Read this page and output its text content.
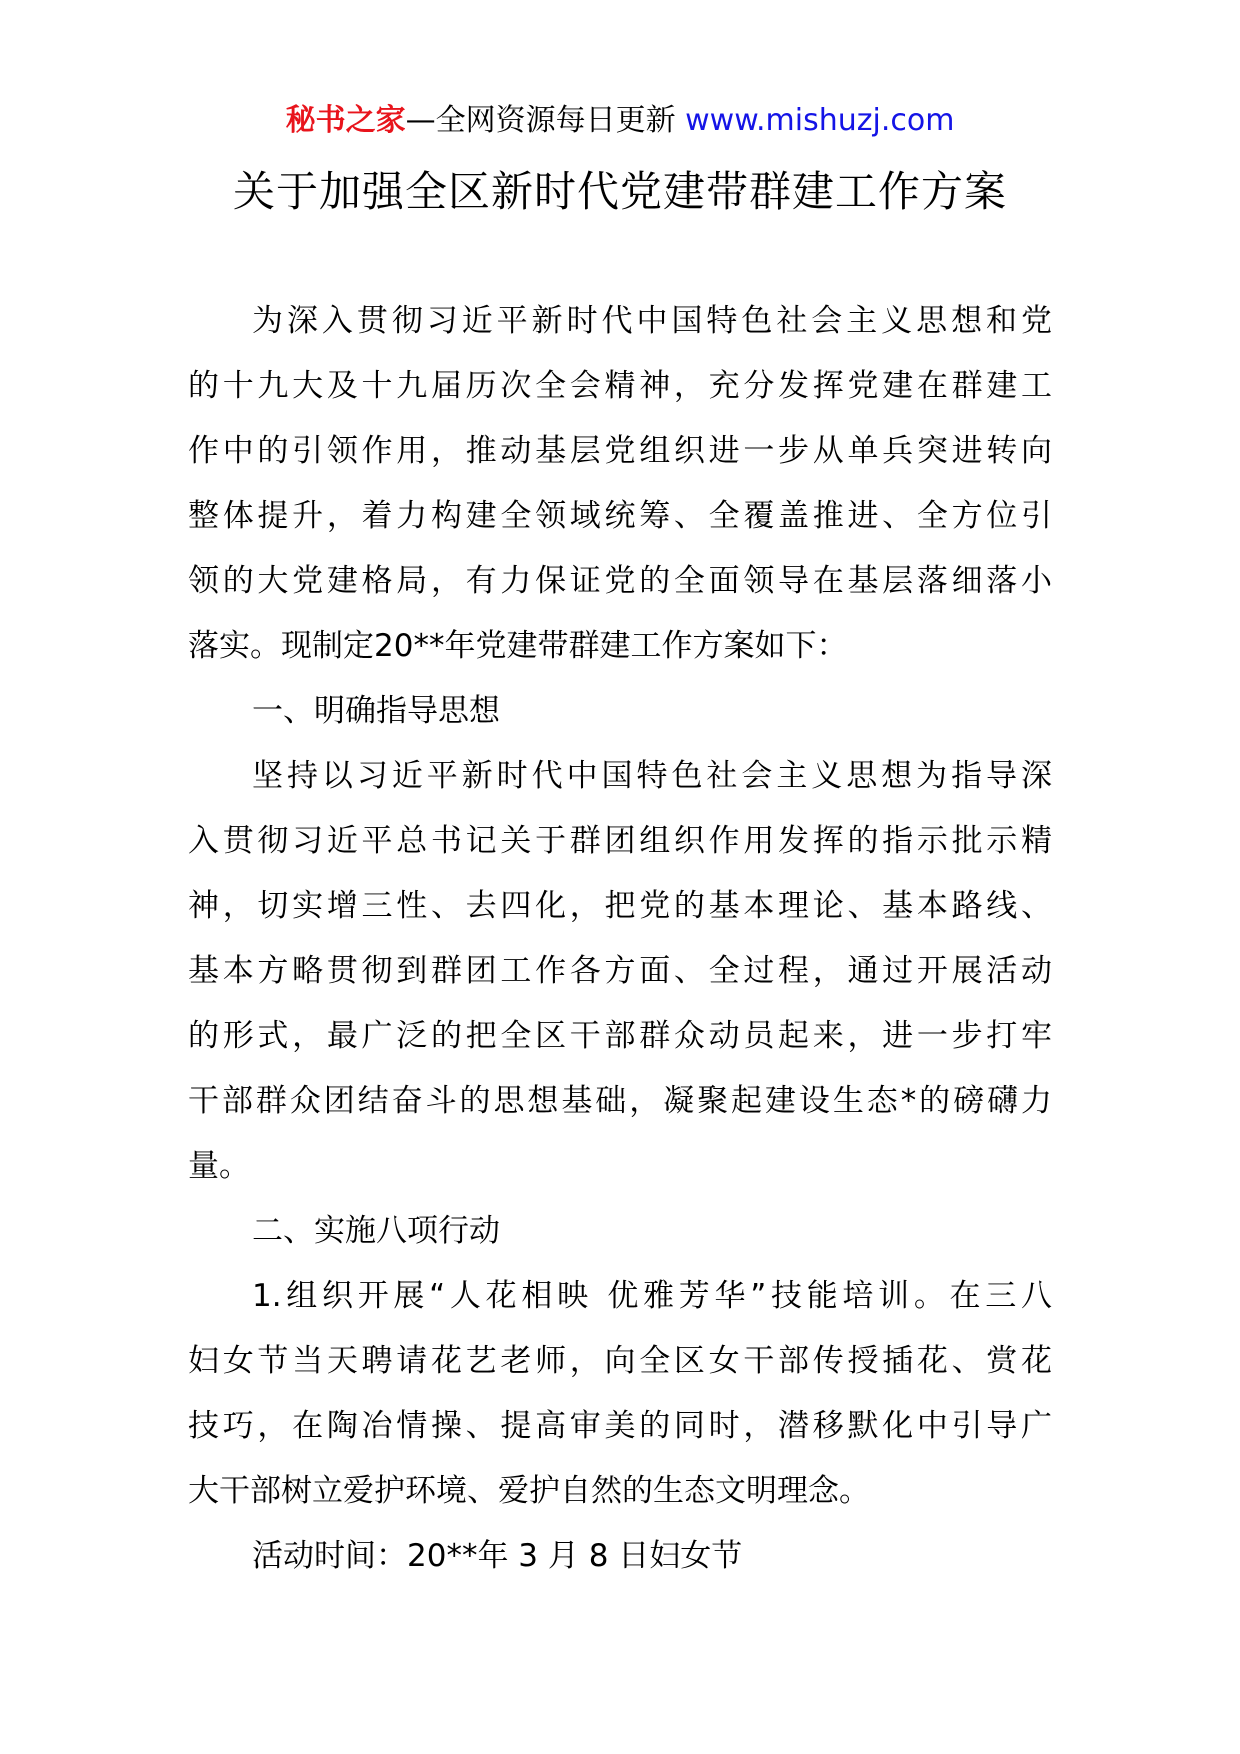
秘书之家—全网资源每日更新 www.mishuzj.com
关于加强全区新时代党建带群建工作方案
为深入贯彻习近平新时代中国特色社会主义思想和党
的十九大及十九届历次全会精神，充分发挥党建在群建工
作中的引领作用，推动基层党组织进一步从单兵突进转向
整体提升，着力构建全领域统筹、全覆盖推进、全方位引
领的大党建格局，有力保证党的全面领导在基层落细落小
落实。现制定20**年党建带群建工作方案如下：
一、明确指导思想
坚持以习近平新时代中国特色社会主义思想为指导深
入贯彻习近平总书记关于群团组织作用发挥的指示批示精
神，切实增三性、去四化，把党的基本理论、基本路线、
基本方略贯彻到群团工作各方面、全过程，通过开展活动
的形式，最广泛的把全区干部群众动员起来，进一步打牢
干部群众团结奋斗的思想基础，凝聚起建设生态*的磅礴力
量。
二、实施八项行动
1.组织开展“人花相映 优雅芳华”技能培训。在三八
妇女节当天聘请花艺老师，向全区女干部传授插花、赏花
技巧，在陶冶情操、提高审美的同时，潜移默化中引导广
大干部树立爱护环境、爱护自然的生态文明理念。
活动时间：20**年 3 月 8 日妇女节
